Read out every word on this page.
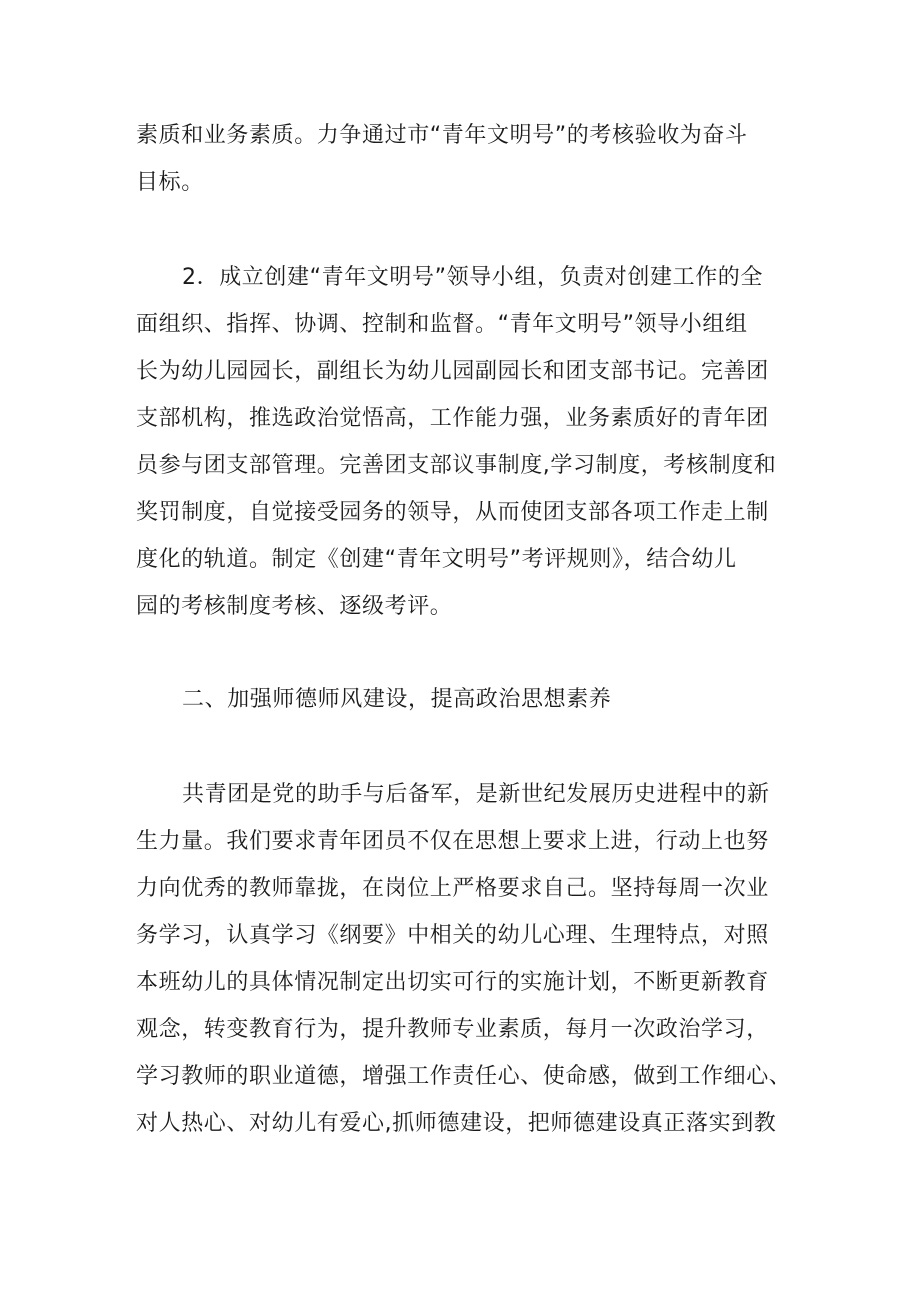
素质和业务素质。力争通过市“青年文明号”的考核验收为奋斗
目标。
2．成立创建“青年文明号”领导小组，负责对创建工作的全
面组织、指挥、协调、控制和监督。“青年文明号”领导小组组
长为幼儿园园长，副组长为幼儿园副园长和团支部书记。完善团
支部机构，推选政治觉悟高，工作能力强，业务素质好的青年团
员参与团支部管理。完善团支部议事制度,学习制度，考核制度和
奖罚制度，自觉接受园务的领导，从而使团支部各项工作走上制
度化的轨道。制定《创建“青年文明号”考评规则》，结合幼儿
园的考核制度考核、逐级考评。
二、加强师德师风建设，提高政治思想素养
共青团是党的助手与后备军，是新世纪发展历史进程中的新
生力量。我们要求青年团员不仅在思想上要求上进，行动上也努
力向优秀的教师靠拢，在岗位上严格要求自己。坚持每周一次业
务学习，认真学习《纲要》中相关的幼儿心理、生理特点，对照
本班幼儿的具体情况制定出切实可行的实施计划，不断更新教育
观念，转变教育行为，提升教师专业素质，每月一次政治学习，
学习教师的职业道德，增强工作责任心、使命感，做到工作细心、
对人热心、对幼儿有爱心,抓师德建设，把师德建设真正落实到教
